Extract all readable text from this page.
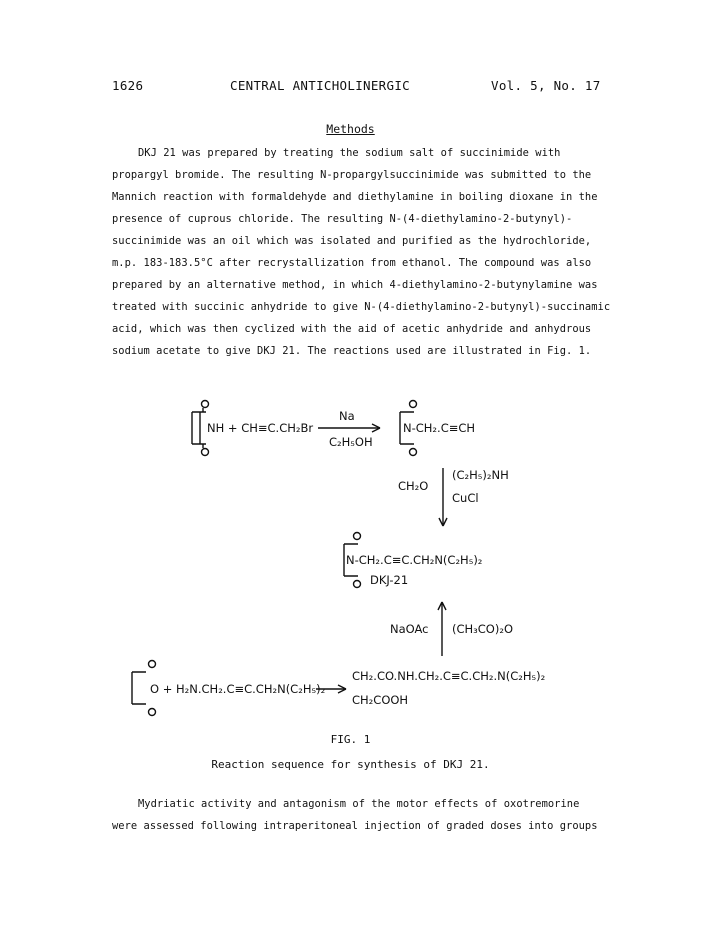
1626	CENTRAL ANTICHOLINERGIC	Vol. 5, No. 17
Methods
DKJ 21 was prepared by treating the sodium salt of succinimide with
propargyl bromide. The resulting N-propargylsuccinimide was submitted to the
Mannich reaction with formaldehyde and diethylamine in boiling dioxane in the
presence of cuprous chloride. The resulting N-(4-diethylamino-2-butynyl)-
succinimide was an oil which was isolated and purified as the hydrochloride,
m.p. 183-183.5°C after recrystallization from ethanol. The compound was also
prepared by an alternative method, in which 4-diethylamino-2-butynylamine was
treated with succinic anhydride to give N-(4-diethylamino-2-butynyl)-succinamic
acid, which was then cyclized with the aid of acetic anhydride and anhydrous
sodium acetate to give DKJ 21. The reactions used are illustrated in Fig. 1.
NH + CH≡C.CH₂Br
Na
C₂H₅OH
N-CH₂.C≡CH
CH₂O
(C₂H₅)₂NH
CuCl
N-CH₂.C≡C.CH₂N(C₂H₅)₂
DKJ-21
NaOAc (CH₃CO)₂O
O + H₂N.CH₂.C≡C.CH₂N(C₂H₅)₂
CH₂.CO.NH.CH₂.C≡C.CH₂.N(C₂H₅)₂
CH₂COOH
FIG. 1
Reaction sequence for synthesis of DKJ 21.
Mydriatic activity and antagonism of the motor effects of oxotremorine
were assessed following intraperitoneal injection of graded doses into groups
